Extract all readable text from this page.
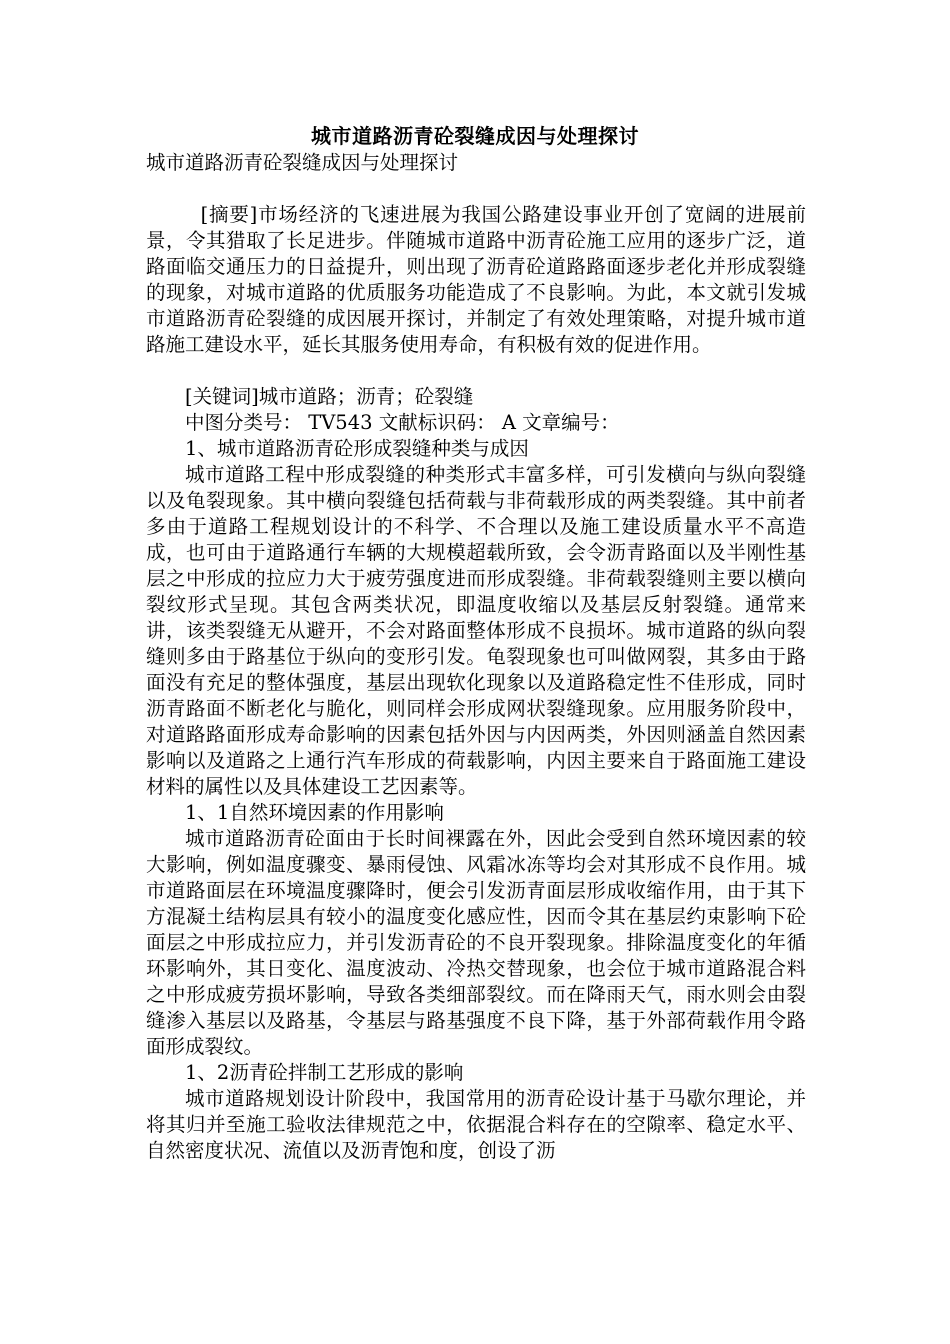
城市道路沥青砼裂缝成因与处理探讨

城市道路沥青砼裂缝成因与处理探讨

[摘要]市场经济的飞速进展为我国公路建设事业开创了宽阔的进展前景，令其猎取了长足进步。伴随城市道路中沥青砼施工应用的逐步广泛，道路面临交通压力的日益提升，则出现了沥青砼道路路面逐步老化并形成裂缝的现象，对城市道路的优质服务功能造成了不良影响。为此，本文就引发城市道路沥青砼裂缝的成因展开探讨，并制定了有效处理策略，对提升城市道路施工建设水平，延长其服务使用寿命，有积极有效的促进作用。

[关键词]城市道路；沥青；砼裂缝

中图分类号： TV543 文献标识码： A 文章编号：

1、城市道路沥青砼形成裂缝种类与成因

城市道路工程中形成裂缝的种类形式丰富多样，可引发横向与纵向裂缝以及龟裂现象。其中横向裂缝包括荷载与非荷载形成的两类裂缝。其中前者多由于道路工程规划设计的不科学、不合理以及施工建设质量水平不高造成，也可由于道路通行车辆的大规模超载所致，会令沥青路面以及半刚性基层之中形成的拉应力大于疲劳强度进而形成裂缝。非荷载裂缝则主要以横向裂纹形式呈现。其包含两类状况，即温度收缩以及基层反射裂缝。通常来讲，该类裂缝无从避开，不会对路面整体形成不良损坏。城市道路的纵向裂缝则多由于路基位于纵向的变形引发。龟裂现象也可叫做网裂，其多由于路面没有充足的整体强度，基层出现软化现象以及道路稳定性不佳形成，同时沥青路面不断老化与脆化，则同样会形成网状裂缝现象。应用服务阶段中，对道路路面形成寿命影响的因素包括外因与内因两类，外因则涵盖自然因素影响以及道路之上通行汽车形成的荷载影响，内因主要来自于路面施工建设材料的属性以及具体建设工艺因素等。

1、1自然环境因素的作用影响

城市道路沥青砼面由于长时间裸露在外，因此会受到自然环境因素的较大影响，例如温度骤变、暴雨侵蚀、风霜冰冻等均会对其形成不良作用。城市道路面层在环境温度骤降时，便会引发沥青面层形成收缩作用，由于其下方混凝土结构层具有较小的温度变化感应性，因而令其在基层约束影响下砼面层之中形成拉应力，并引发沥青砼的不良开裂现象。排除温度变化的年循环影响外，其日变化、温度波动、冷热交替现象，也会位于城市道路混合料之中形成疲劳损坏影响，导致各类细部裂纹。而在降雨天气，雨水则会由裂缝渗入基层以及路基，令基层与路基强度不良下降，基于外部荷载作用令路面形成裂纹。

1、2沥青砼拌制工艺形成的影响

城市道路规划设计阶段中，我国常用的沥青砼设计基于马歇尔理论，并将其归并至施工验收法律规范之中，依据混合料存在的空隙率、稳定水平、自然密度状况、流值以及沥青饱和度，创设了沥
